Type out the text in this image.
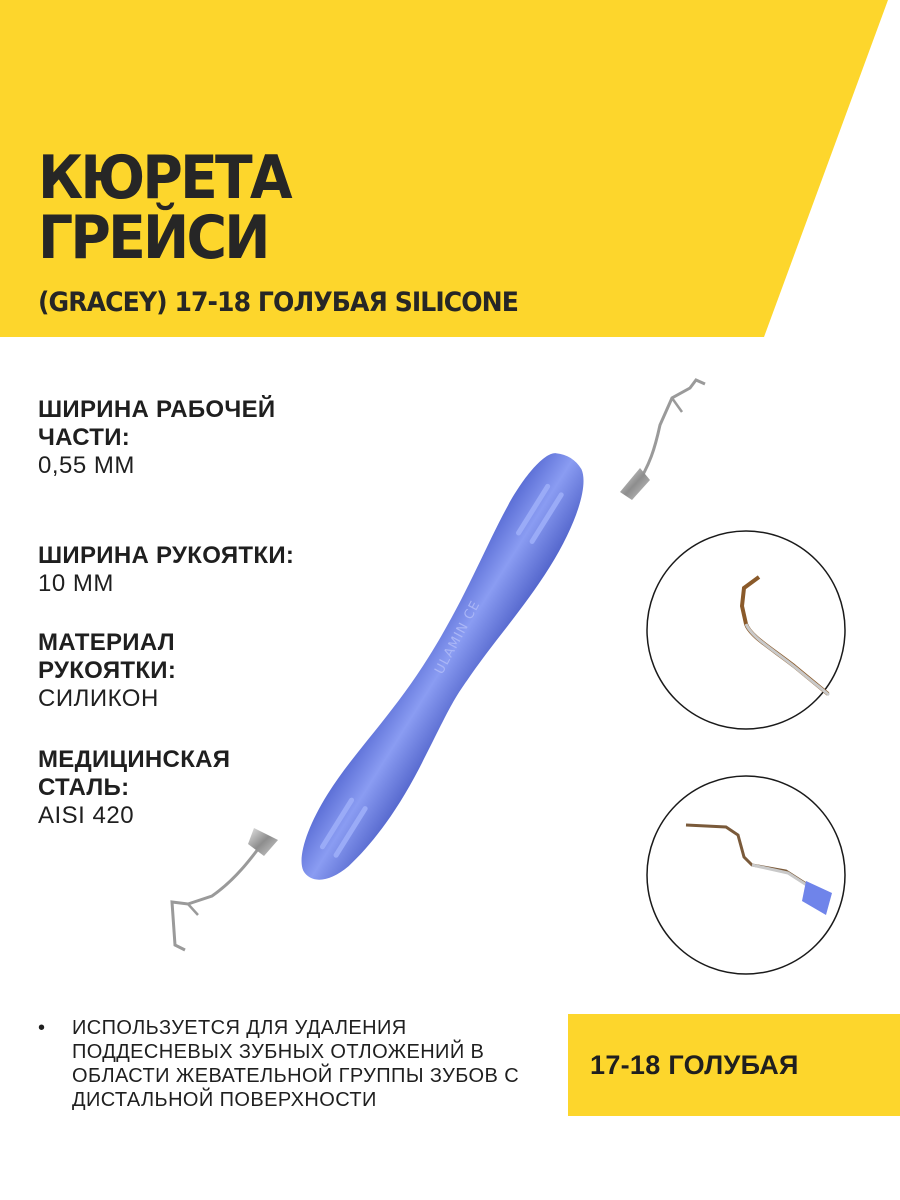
КЮРЕТА
ГРЕЙСИ
(GRACEY) 17-18 ГОЛУБАЯ SILICONE
ШИРИНА РАБОЧЕЙ ЧАСТИ:
0,55 ММ
ШИРИНА РУКОЯТКИ:
10 ММ
МАТЕРИАЛ РУКОЯТКИ:
СИЛИКОН
МЕДИЦИНСКАЯ СТАЛЬ:
AISI 420
ULAMIN CE
• ИСПОЛЬЗУЕТСЯ ДЛЯ УДАЛЕНИЯ ПОДДЕСНЕВЫХ ЗУБНЫХ ОТЛОЖЕНИЙ В ОБЛАСТИ ЖЕВАТЕЛЬНОЙ ГРУППЫ ЗУБОВ С ДИСТАЛЬНОЙ ПОВЕРХНОСТИ
17-18 ГОЛУБАЯ
